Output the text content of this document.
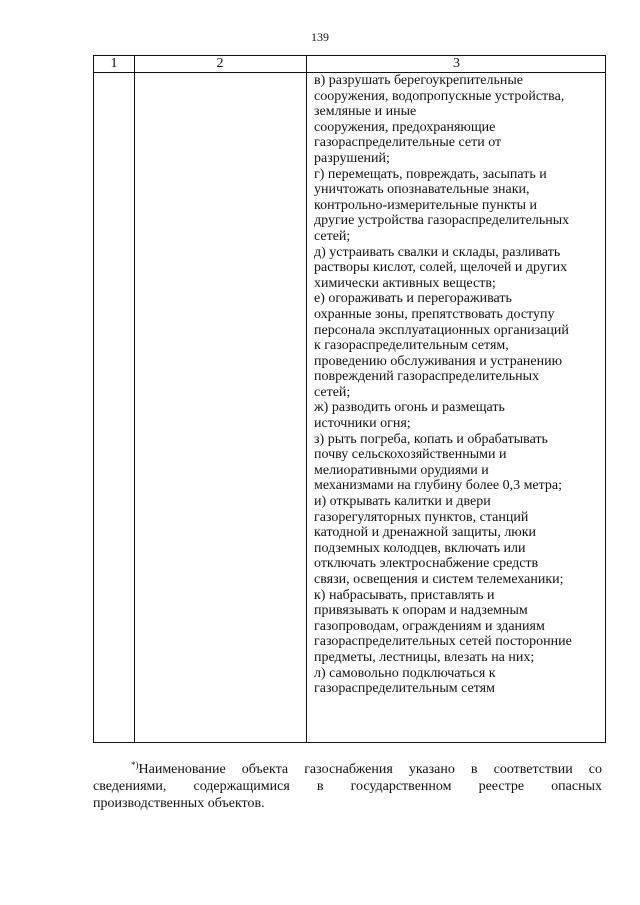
139
1	2	3
в) разрушать берегоукрепительные
сооружения, водопропускные устройства,
земляные и иные
сооружения, предохраняющие
газораспределительные сети от
разрушений;
г) перемещать, повреждать, засыпать и
уничтожать опознавательные знаки,
контрольно-измерительные пункты и
другие устройства газораспределительных
сетей;
д) устраивать свалки и склады, разливать
растворы кислот, солей, щелочей и других
химически активных веществ;
е) огораживать и перегораживать
охранные зоны, препятствовать доступу
персонала эксплуатационных организаций
к газораспределительным сетям,
проведению обслуживания и устранению
повреждений газораспределительных
сетей;
ж) разводить огонь и размещать
источники огня;
з) рыть погреба, копать и обрабатывать
почву сельскохозяйственными и
мелиоративными орудиями и
механизмами на глубину более 0,3 метра;
и) открывать калитки и двери
газорегуляторных пунктов, станций
катодной и дренажной защиты, люки
подземных колодцев, включать или
отключать электроснабжение средств
связи, освещения и систем телемеханики;
к) набрасывать, приставлять и
привязывать к опорам и надземным
газопроводам, ограждениям и зданиям
газораспределительных сетей посторонние
предметы, лестницы, влезать на них;
л) самовольно подключаться к
газораспределительным сетям
*)Наименование объекта газоснабжения указано в соответствии со
сведениями, содержащимися в государственном реестре опасных
производственных объектов.
